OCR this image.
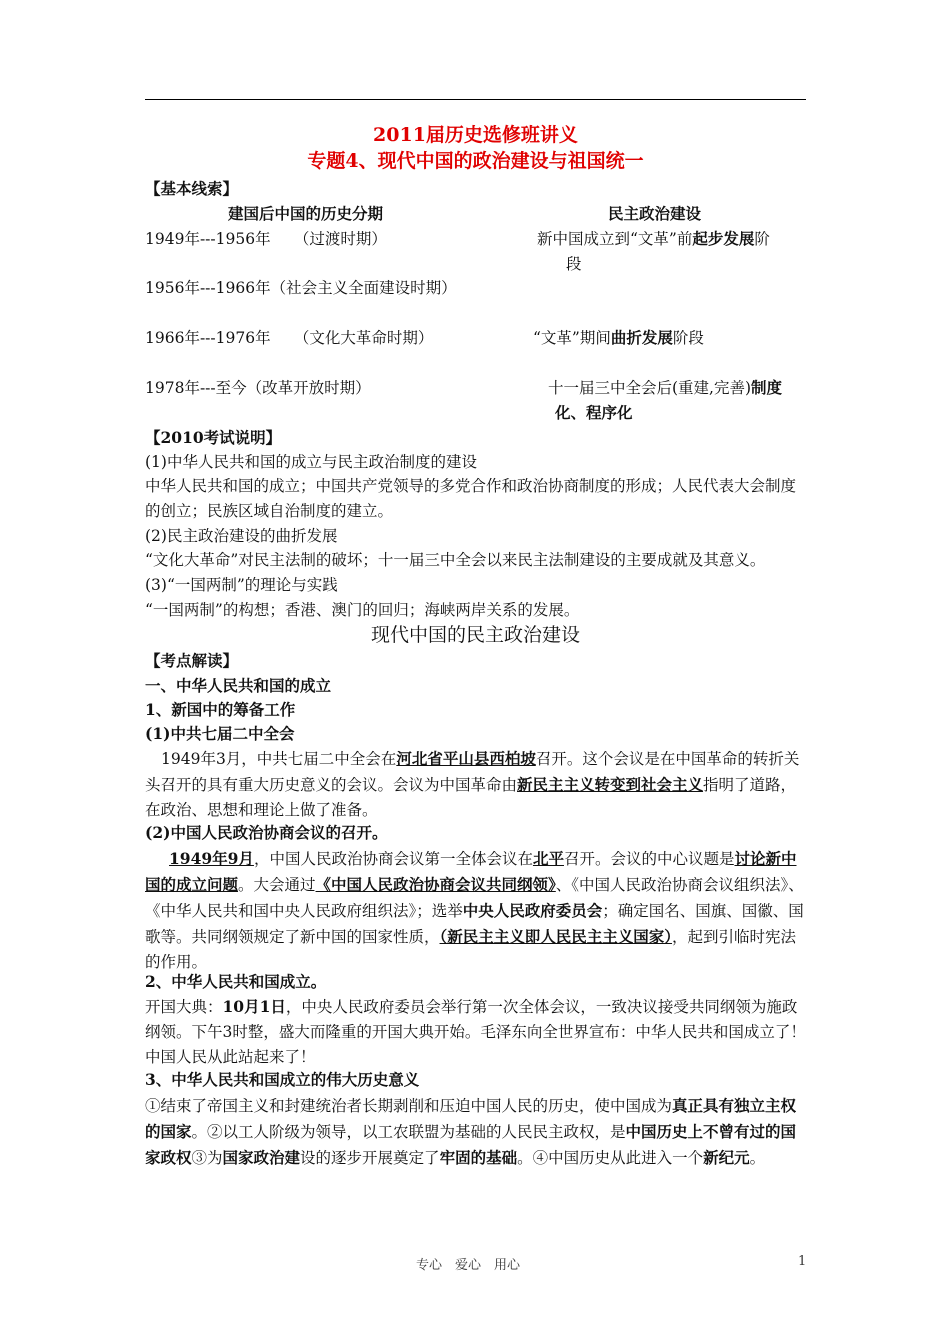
2011届历史选修班讲义
专题4、现代中国的政治建设与祖国统一
【基本线索】
建国后中国的历史分期	民主政治建设
1949年---1956年　　（过渡时期）	新中国成立到“文革”前起步发展阶
段
1956年---1966年（社会主义全面建设时期）
1966年---1976年　　（文化大革命时期）	“文革”期间曲折发展阶段
1978年---至今（改革开放时期）	十一届三中全会后(重建,完善)制度
化、程序化
【2010考试说明】
(1)中华人民共和国的成立与民主政治制度的建设
中华人民共和国的成立；中国共产党领导的多党合作和政治协商制度的形成；人民代表大会制度的创立；民族区域自治制度的建立。
(2)民主政治建设的曲折发展
“文化大革命”对民主法制的破坏；十一届三中全会以来民主法制建设的主要成就及其意义。(3)“一国两制”的理论与实践
“一国两制”的构想；香港、澳门的回归；海峡两岸关系的发展。
现代中国的民主政治建设
【考点解读】
一、中华人民共和国的成立
1、新国中的筹备工作
(1)中共七届二中全会
1949年3月，中共七届二中全会在河北省平山县西柏坡召开。这个会议是在中国革命的转折关头召开的具有重大历史意义的会议。会议为中国革命由新民主主义转变到社会主义指明了道路，在政治、思想和理论上做了准备。
(2)中国人民政治协商会议的召开。
1949年9月，中国人民政治协商会议第一全体会议在北平召开。会议的中心议题是讨论新中国的成立问题。大会通过《中国人民政治协商会议共同纲领》、《中国人民政治协商会议组织法》、《中华人民共和国中央人民政府组织法》；选举中央人民政府委员会；确定国名、国旗、国徽、国歌等。共同纲领规定了新中国的国家性质，（新民主主义即人民民主主义国家），起到引临时宪法的作用。
2、中华人民共和国成立。
开国大典：10月1日，中央人民政府委员会举行第一次全体会议，一致决议接受共同纲领为施政纲领。下午3时整，盛大而隆重的开国大典开始。毛泽东向全世界宣布：中华人民共和国成立了！中国人民从此站起来了！
3、中华人民共和国成立的伟大历史意义
①结束了帝国主义和封建统治者长期剥削和压迫中国人民的历史，使中国成为真正具有独立主权的国家。②以工人阶级为领导，以工农联盟为基础的人民民主政权，是中国历史上不曾有过的国家政权③为国家政治建设的逐步开展奠定了牢固的基础。④中国历史从此进入一个新纪元。
专心　爱心　用心	1
